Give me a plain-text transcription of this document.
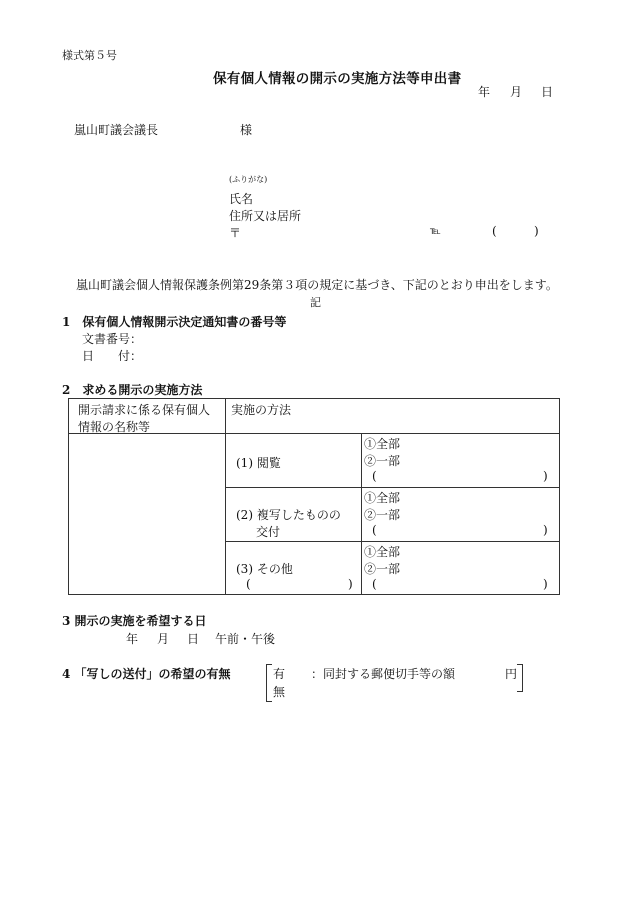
様式第５号
保有個人情報の開示の実施方法等申出書
年 月 日
嵐山町議会議長	様
(ふりがな)
氏名
住所又は居所
〒	℡	(	)
嵐山町議会個人情報保護条例第29条第３項の規定に基づき、下記のとおり申出をします。
記
1　保有個人情報開示決定通知書の番号等
文書番号：
日　　付：
2　求める開示の実施方法
開示請求に係る保有個人
情報の名称等	実施の方法	

	(1) 閲覧	①全部
②一部
( )

	(2) 複写したものの
交付	①全部
②一部
( )

	(3) その他
( )	①全部
②一部
( )
3 開示の実施を希望する日
年 月 日 午前・午後
4 「写しの送付」の希望の有無	有
無
：同封する郵便切手等の額	円
